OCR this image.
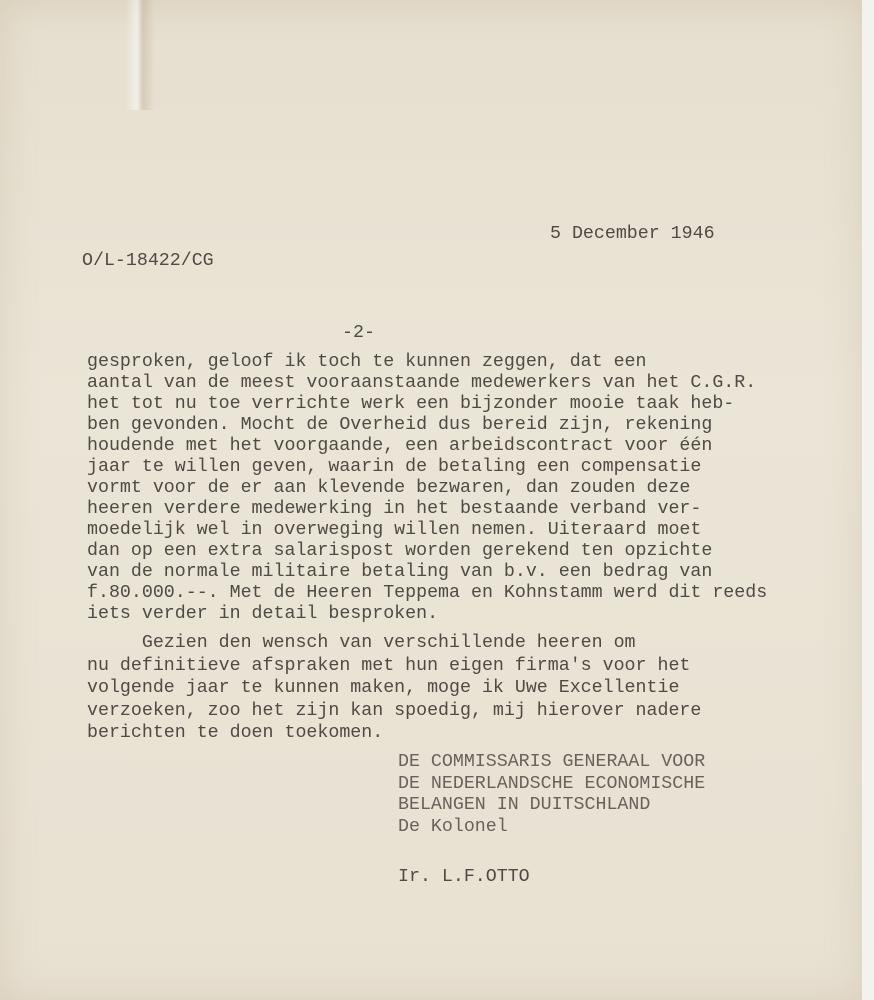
O/L-18422/CG
5 December 1946
-2-
gesproken, geloof ik toch te kunnen zeggen, dat een
aantal van de meest vooraanstaande medewerkers van het C.G.R.
het tot nu toe verrichte werk een bijzonder mooie taak heb-
ben gevonden. Mocht de Overheid dus bereid zijn, rekening
houdende met het voorgaande, een arbeidscontract voor één
jaar te willen geven, waarin de betaling een compensatie
vormt voor de er aan klevende bezwaren, dan zouden deze
heeren verdere medewerking in het bestaande verband ver-
moedelijk wel in overweging willen nemen. Uiteraard moet
dan op een extra salarispost worden gerekend ten opzichte
van de normale militaire betaling van b.v. een bedrag van
f.80.000.--. Met de Heeren Teppema en Kohnstamm werd dit reeds
iets verder in detail besproken.
Gezien den wensch van verschillende heeren om
nu definitieve afspraken met hun eigen firma's voor het
volgende jaar te kunnen maken, moge ik Uwe Excellentie
verzoeken, zoo het zijn kan spoedig, mij hierover nadere
berichten te doen toekomen.
DE COMMISSARIS GENERAAL VOOR
DE NEDERLANDSCHE ECONOMISCHE
BELANGEN IN DUITSCHLAND
De Kolonel
Ir. L.F.OTTO
